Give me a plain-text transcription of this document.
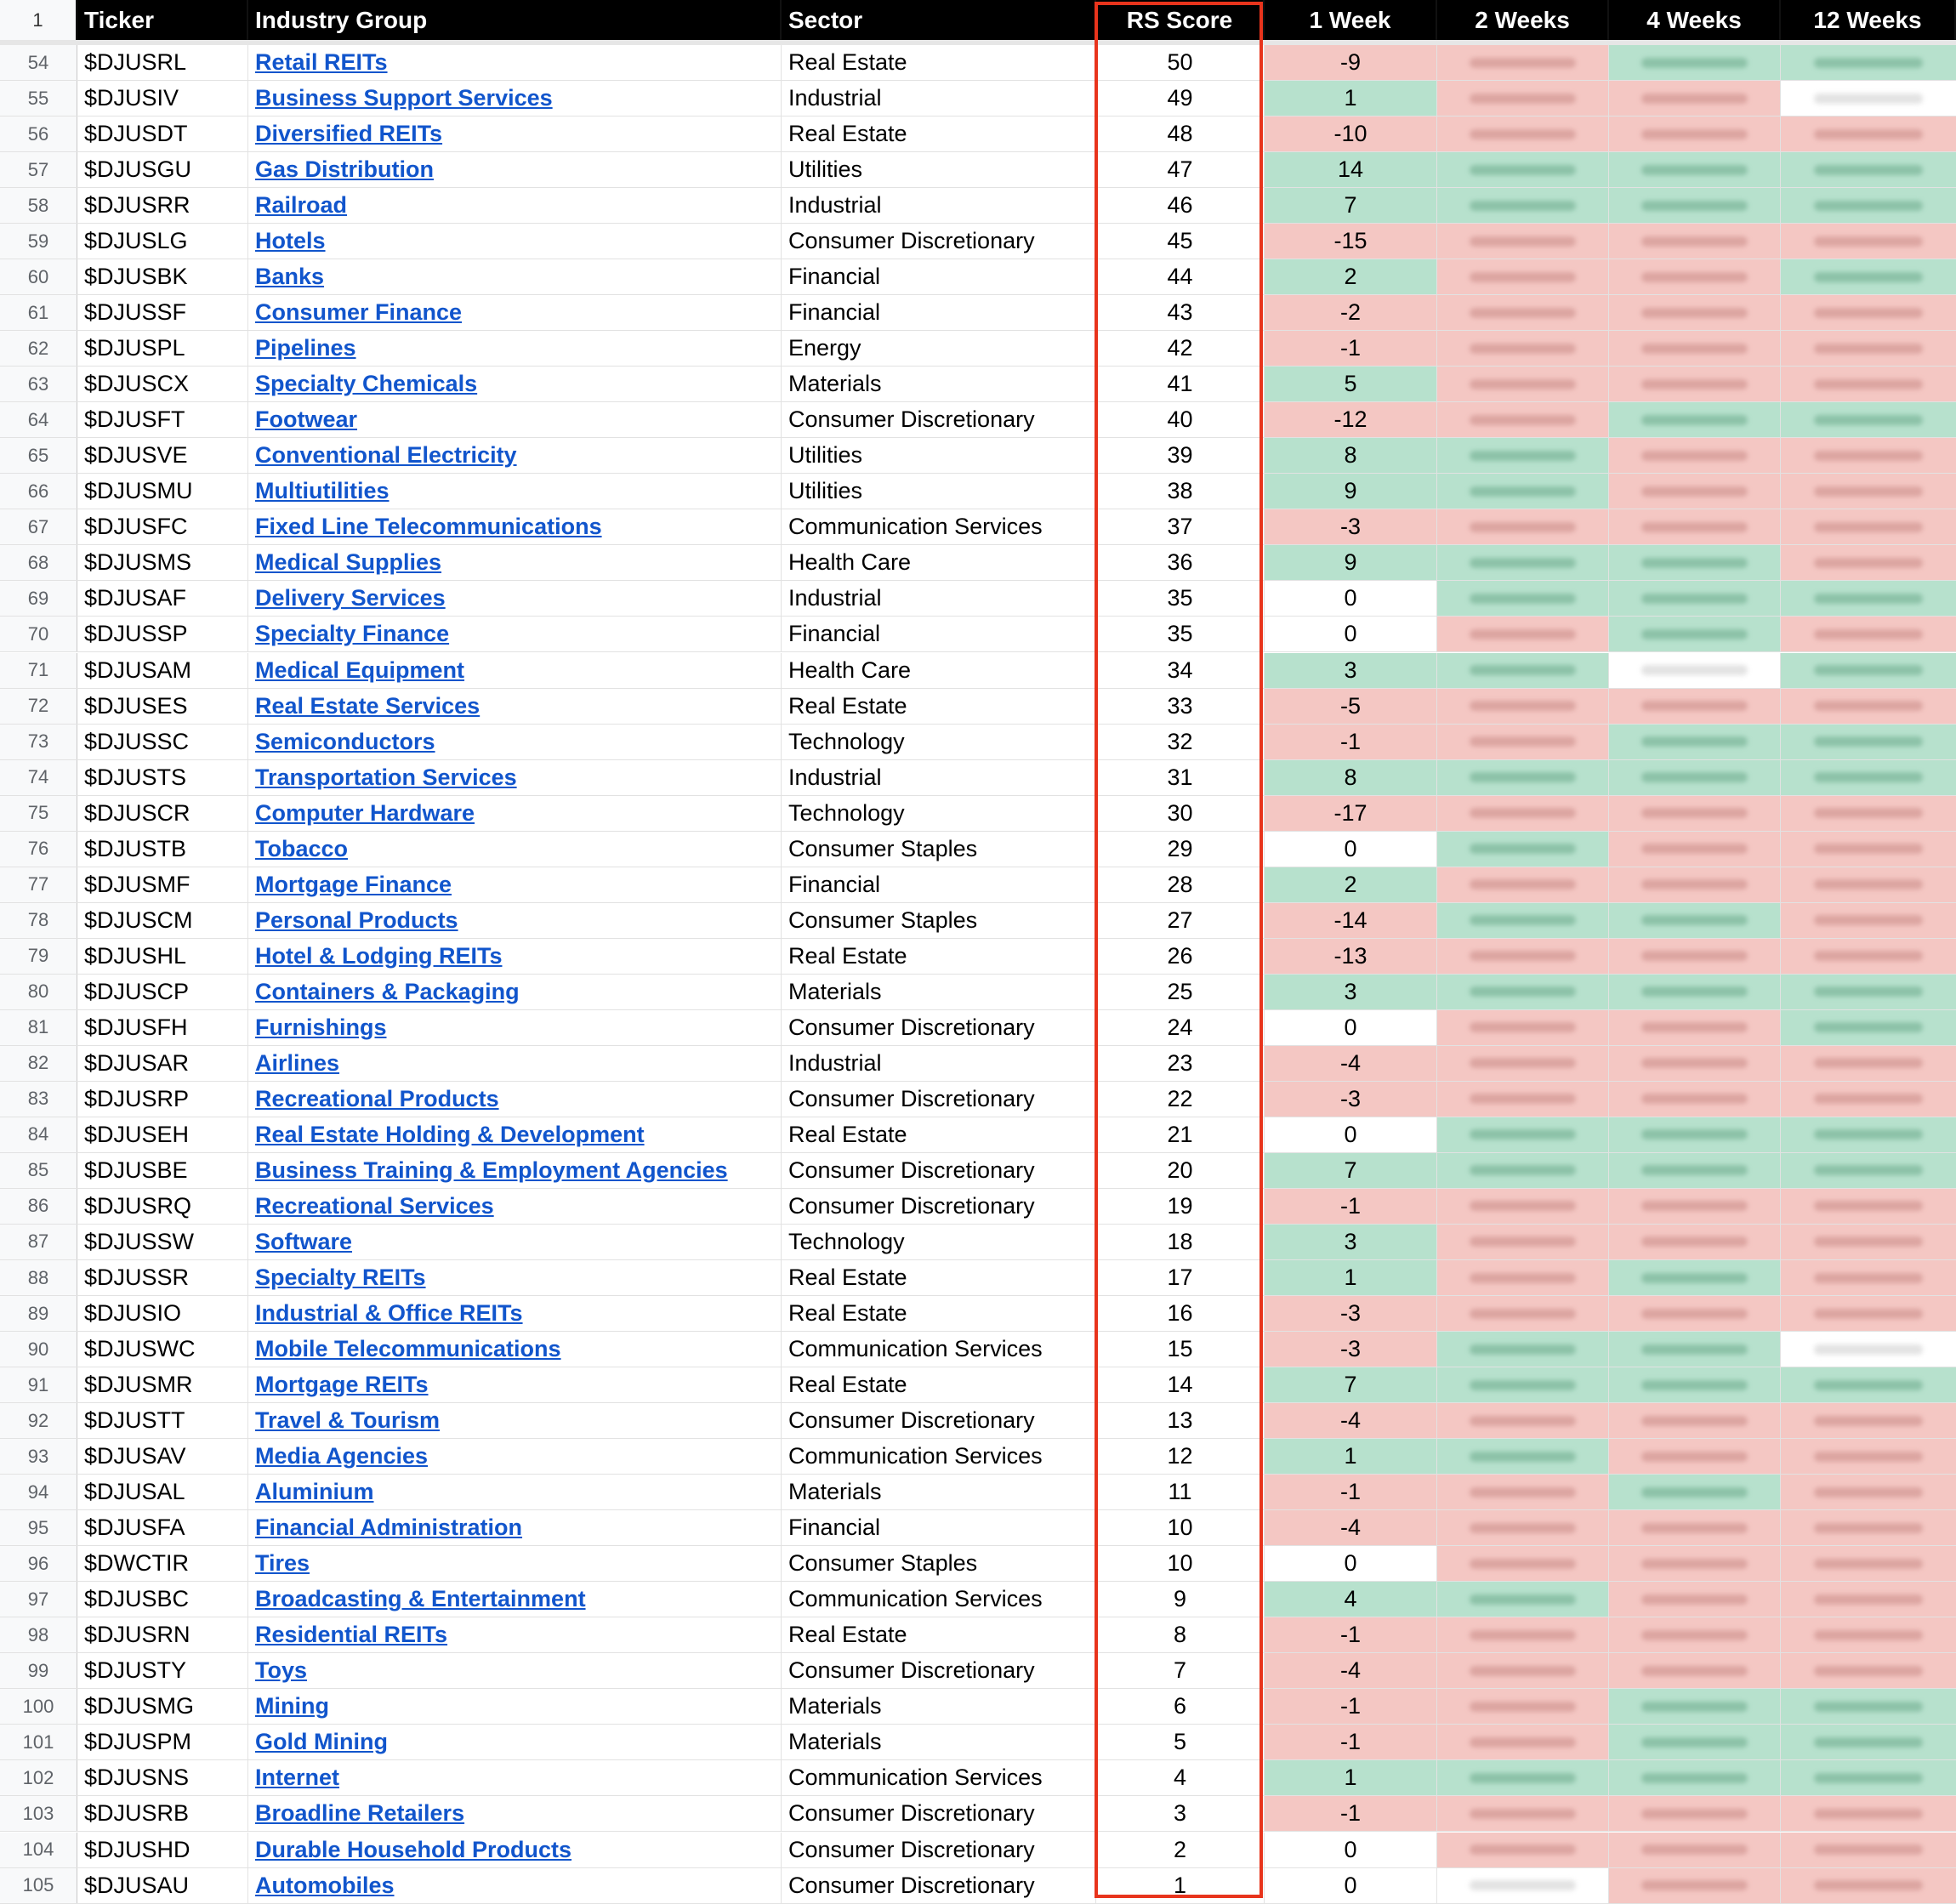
1	Ticker	Industry Group	Sector	RS Score	1 Week	2 Weeks	4 Weeks	12 Weeks
54	$DJUSRL	Retail REITs	Real Estate	50	-9
55	$DJUSIV	Business Support Services	Industrial	49	1
56	$DJUSDT	Diversified REITs	Real Estate	48	-10
57	$DJUSGU	Gas Distribution	Utilities	47	14
58	$DJUSRR	Railroad	Industrial	46	7
59	$DJUSLG	Hotels	Consumer Discretionary	45	-15
60	$DJUSBK	Banks	Financial	44	2
61	$DJUSSF	Consumer Finance	Financial	43	-2
62	$DJUSPL	Pipelines	Energy	42	-1
63	$DJUSCX	Specialty Chemicals	Materials	41	5
64	$DJUSFT	Footwear	Consumer Discretionary	40	-12
65	$DJUSVE	Conventional Electricity	Utilities	39	8
66	$DJUSMU	Multiutilities	Utilities	38	9
67	$DJUSFC	Fixed Line Telecommunications	Communication Services	37	-3
68	$DJUSMS	Medical Supplies	Health Care	36	9
69	$DJUSAF	Delivery Services	Industrial	35	0
70	$DJUSSP	Specialty Finance	Financial	35	0
71	$DJUSAM	Medical Equipment	Health Care	34	3
72	$DJUSES	Real Estate Services	Real Estate	33	-5
73	$DJUSSC	Semiconductors	Technology	32	-1
74	$DJUSTS	Transportation Services	Industrial	31	8
75	$DJUSCR	Computer Hardware	Technology	30	-17
76	$DJUSTB	Tobacco	Consumer Staples	29	0
77	$DJUSMF	Mortgage Finance	Financial	28	2
78	$DJUSCM	Personal Products	Consumer Staples	27	-14
79	$DJUSHL	Hotel & Lodging REITs	Real Estate	26	-13
80	$DJUSCP	Containers & Packaging	Materials	25	3
81	$DJUSFH	Furnishings	Consumer Discretionary	24	0
82	$DJUSAR	Airlines	Industrial	23	-4
83	$DJUSRP	Recreational Products	Consumer Discretionary	22	-3
84	$DJUSEH	Real Estate Holding & Development	Real Estate	21	0
85	$DJUSBE	Business Training & Employment Agencies	Consumer Discretionary	20	7
86	$DJUSRQ	Recreational Services	Consumer Discretionary	19	-1
87	$DJUSSW	Software	Technology	18	3
88	$DJUSSR	Specialty REITs	Real Estate	17	1
89	$DJUSIO	Industrial & Office REITs	Real Estate	16	-3
90	$DJUSWC	Mobile Telecommunications	Communication Services	15	-3
91	$DJUSMR	Mortgage REITs	Real Estate	14	7
92	$DJUSTT	Travel & Tourism	Consumer Discretionary	13	-4
93	$DJUSAV	Media Agencies	Communication Services	12	1
94	$DJUSAL	Aluminium	Materials	11	-1
95	$DJUSFA	Financial Administration	Financial	10	-4
96	$DWCTIR	Tires	Consumer Staples	10	0
97	$DJUSBC	Broadcasting & Entertainment	Communication Services	9	4
98	$DJUSRN	Residential REITs	Real Estate	8	-1
99	$DJUSTY	Toys	Consumer Discretionary	7	-4
100	$DJUSMG	Mining	Materials	6	-1
101	$DJUSPM	Gold Mining	Materials	5	-1
102	$DJUSNS	Internet	Communication Services	4	1
103	$DJUSRB	Broadline Retailers	Consumer Discretionary	3	-1
104	$DJUSHD	Durable Household Products	Consumer Discretionary	2	0
105	$DJUSAU	Automobiles	Consumer Discretionary	1	0
